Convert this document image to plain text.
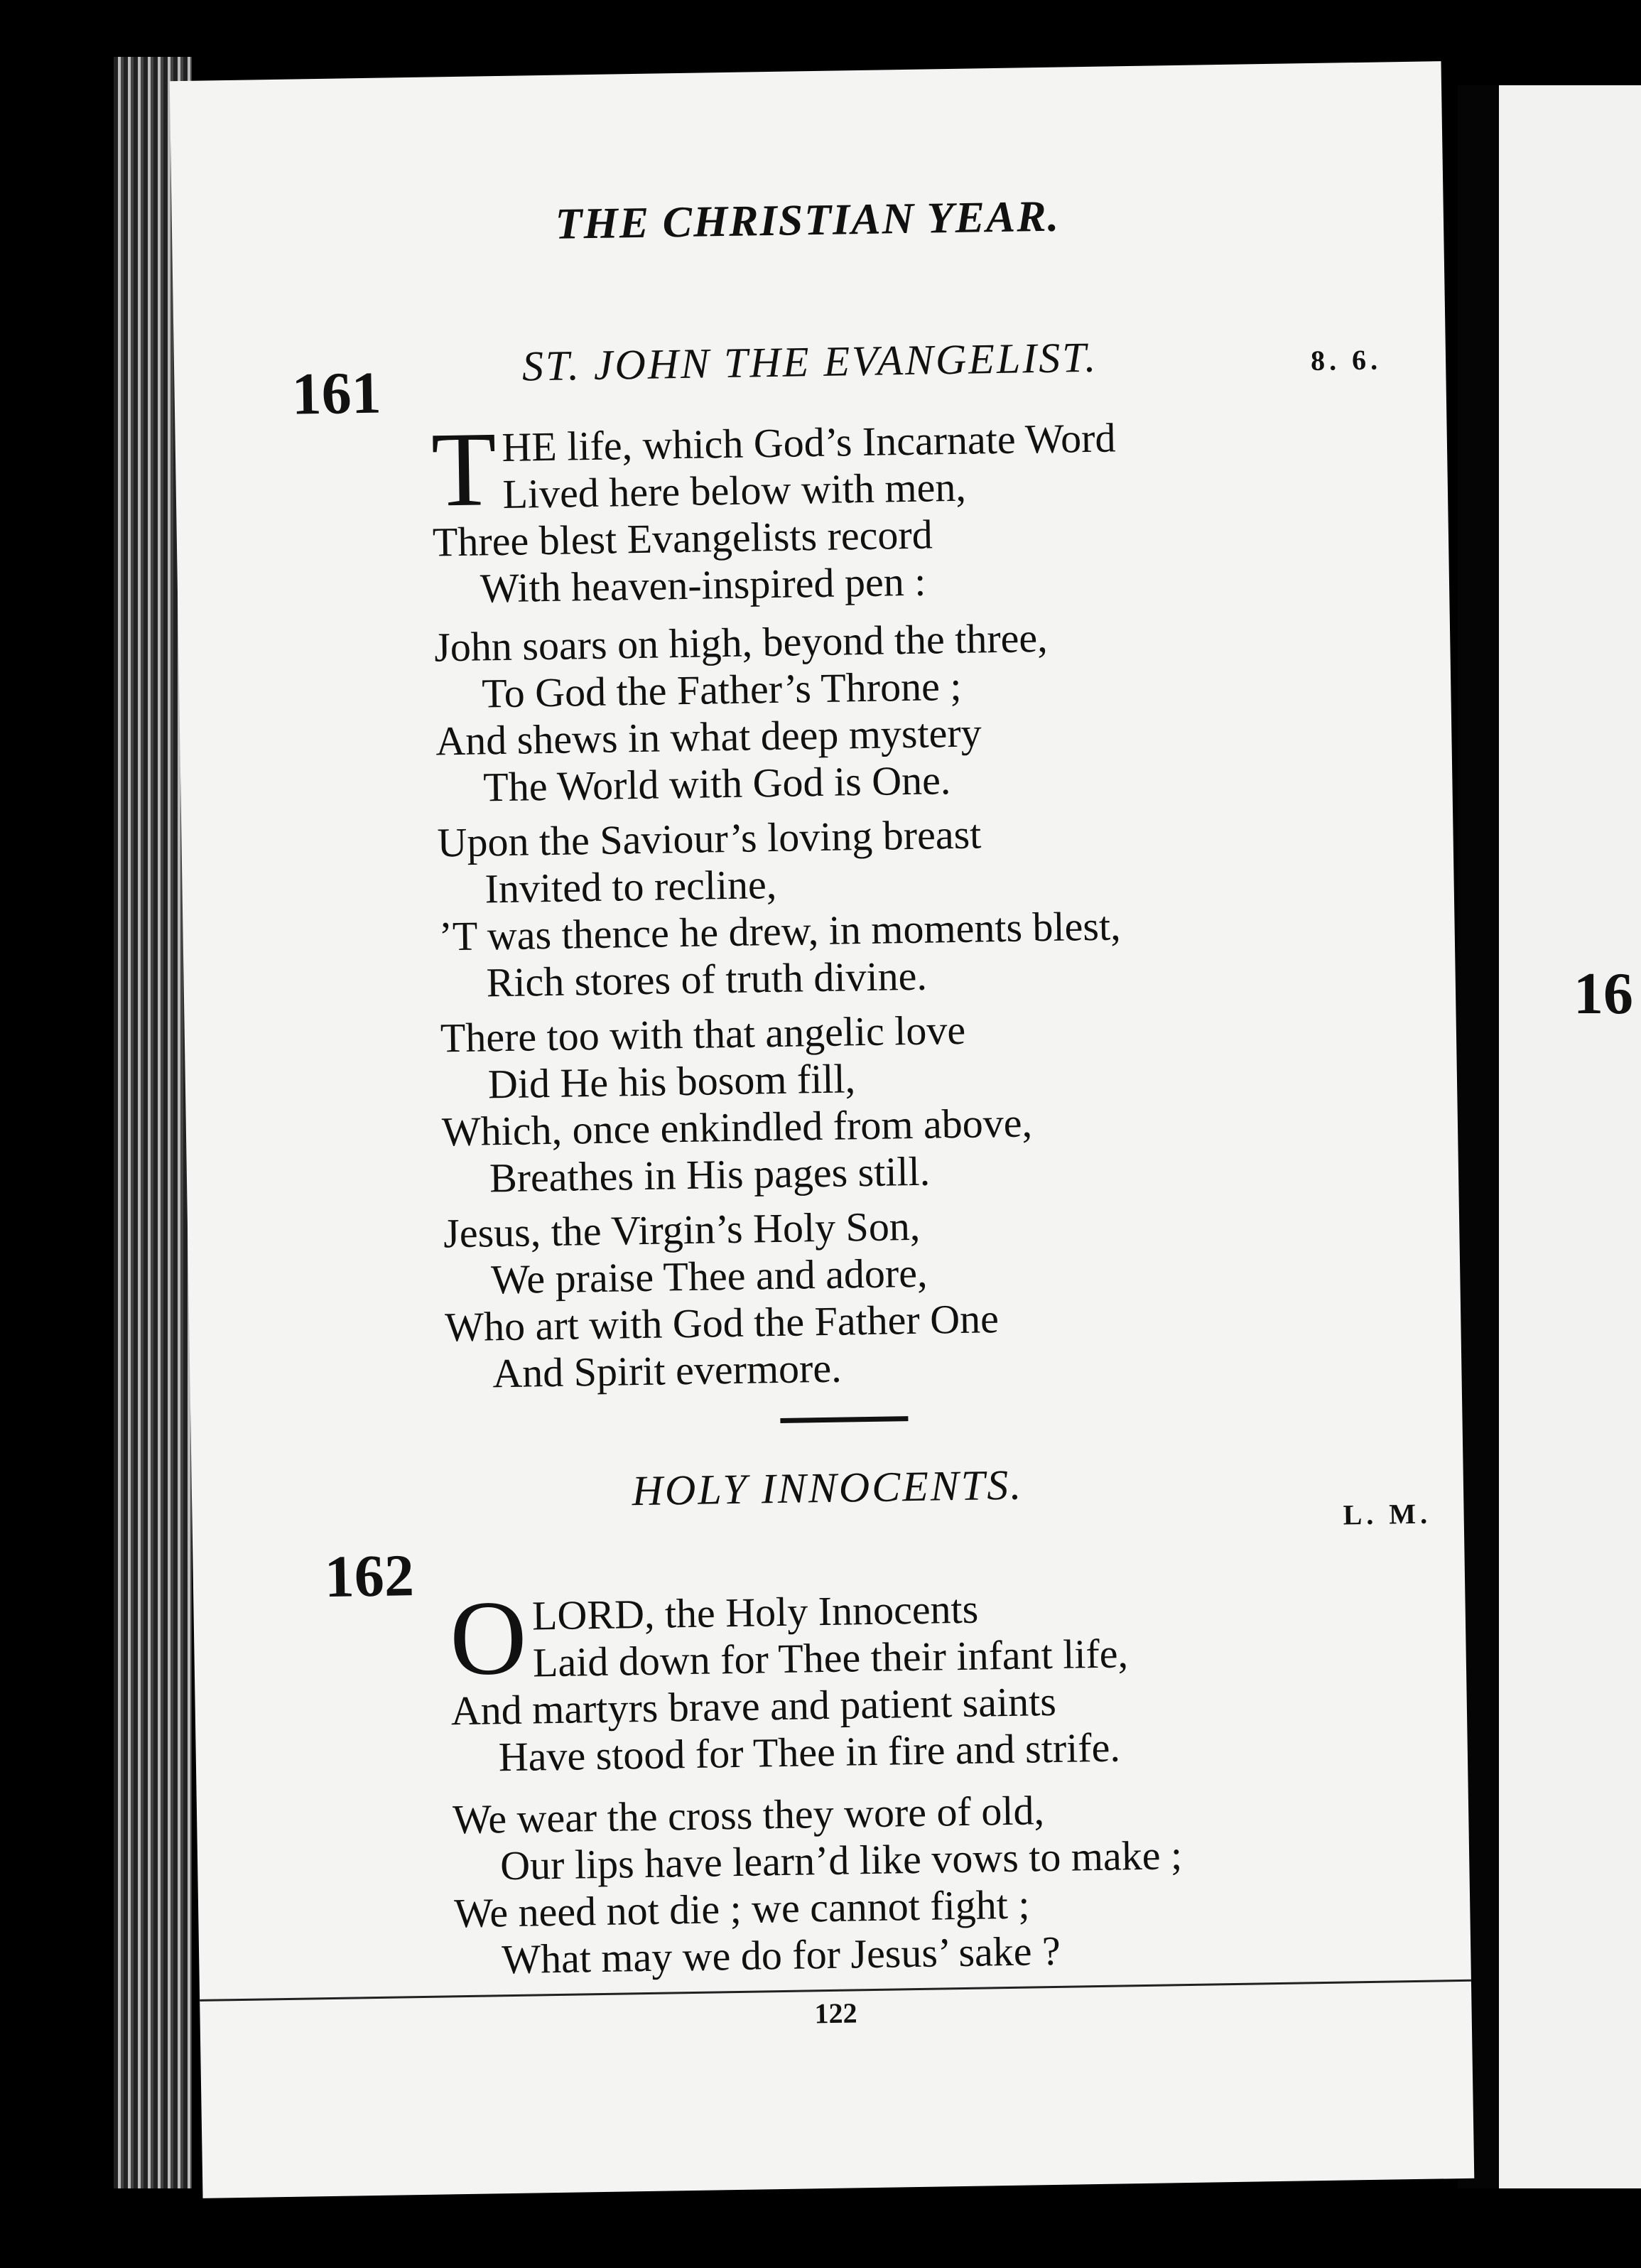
16
THE CHRISTIAN YEAR.
ST. JOHN THE EVANGELIST.
161	8. 6.
T HE life, which God’s Incarnate Word
Lived here below with men,
Three blest Evangelists record
With heaven-inspired pen :
John soars on high, beyond the three,
To God the Father’s Throne ;
And shews in what deep mystery
The World with God is One.
Upon the Saviour’s loving breast
Invited to recline,
’T was thence he drew, in moments blest,
Rich stores of truth divine.
There too with that angelic love
Did He his bosom fill,
Which, once enkindled from above,
Breathes in His pages still.
Jesus, the Virgin’s Holy Son,
We praise Thee and adore,
Who art with God the Father One
And Spirit evermore.
HOLY INNOCENTS.
162
L. M.
O LORD, the Holy Innocents
Laid down for Thee their infant life,
And martyrs brave and patient saints
Have stood for Thee in fire and strife.
We wear the cross they wore of old,
Our lips have learn’d like vows to make ;
We need not die ; we cannot fight ;
What may we do for Jesus’ sake ?
122
